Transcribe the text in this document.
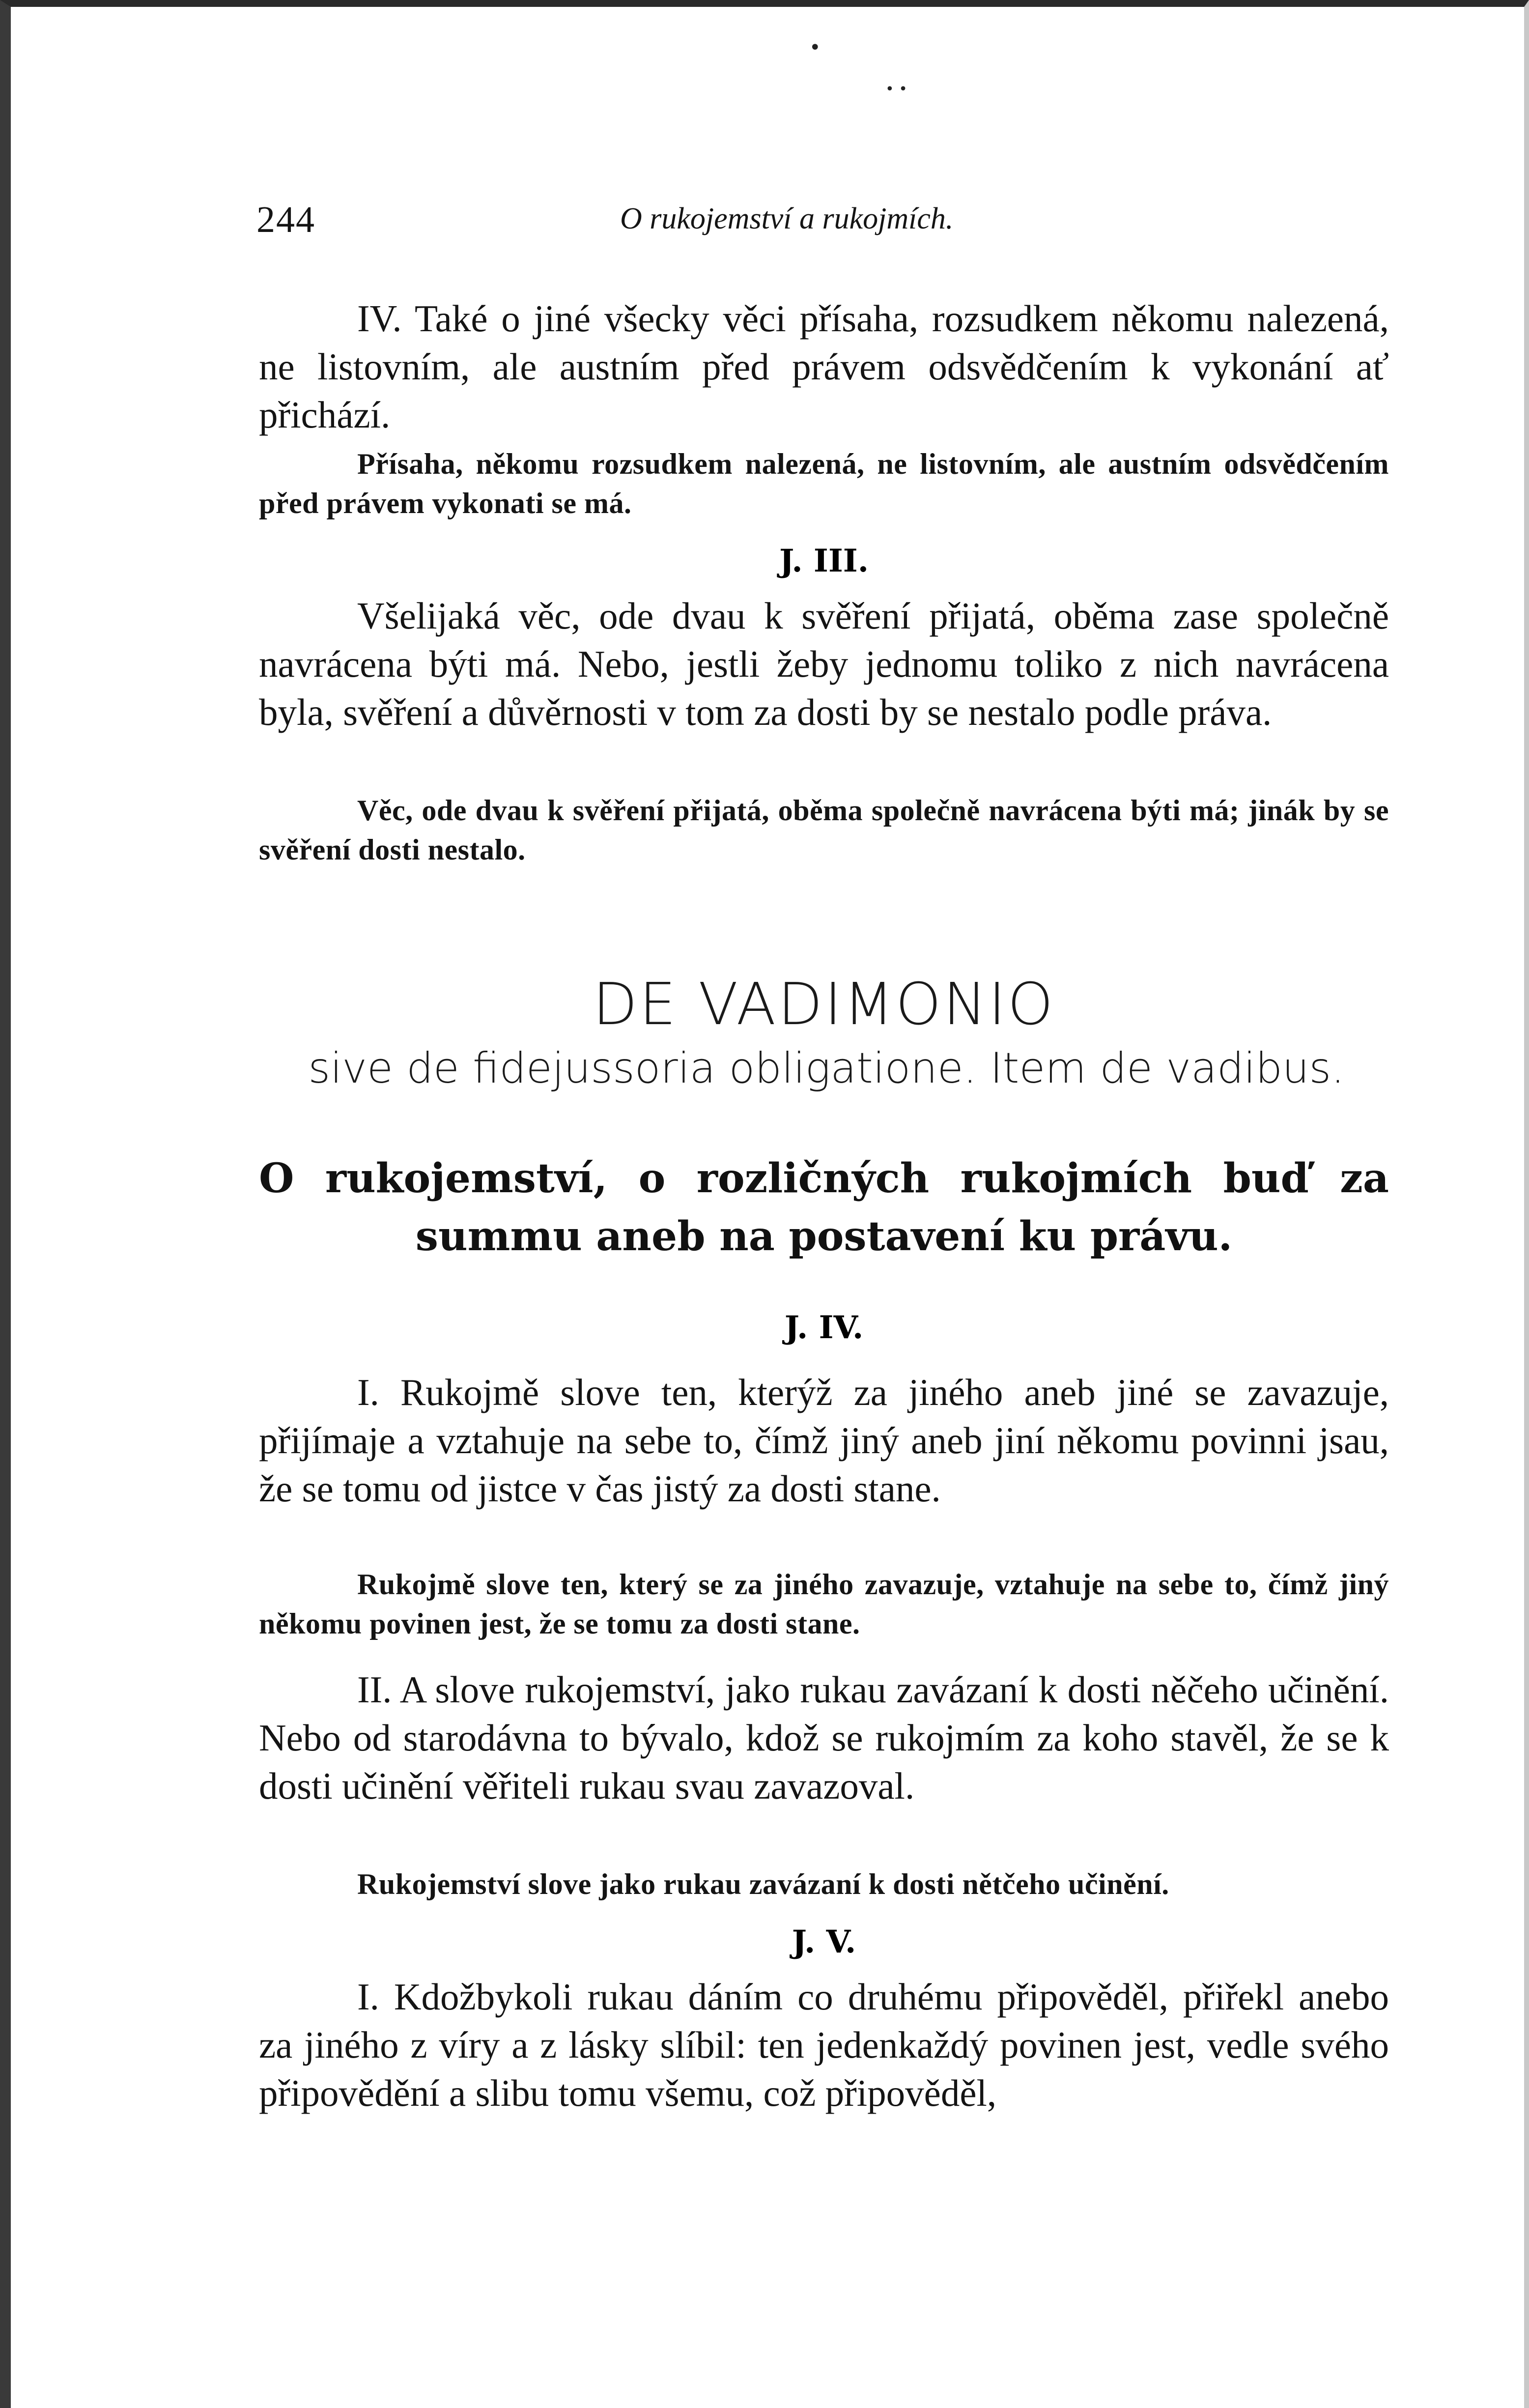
•
• •
244	O rukojemství a rukojmích.

IV. Také o jiné všecky věci přísaha, rozsudkem někomu nalezená, ne listovním, ale austním před právem odsvědčením k vykonání ať přichází.

Přísaha, někomu rozsudkem nalezená, ne listovním, ale austním odsvědčením před právem vykonati se má.

J. III.

Všelijaká věc, ode dvau k svěření přijatá, oběma zase společně navrácena býti má. Nebo, jestli žeby jednomu toliko z nich navrácena byla, svěření a důvěrnosti v tom za dosti by se nestalo podle práva.

Věc, ode dvau k svěření přijatá, oběma společně navrácena býti má; jinák by se svěření dosti nestalo.

DE VADIMONIO

sive de fidejussoria obligatione. Item de vadibus.

O rukojemství, o rozličných rukojmích buď za summu aneb na postavení ku právu.

J. IV.

I. Rukojmě slove ten, kterýž za jiného aneb jiné se zavazuje, přijímaje a vztahuje na sebe to, čímž jiný aneb jiní někomu povinni jsau, že se tomu od jistce v čas jistý za dosti stane.

Rukojmě slove ten, který se za jiného zavazuje, vztahuje na sebe to, čímž jiný někomu povinen jest, že se tomu za dosti stane.

II. A slove rukojemství, jako rukau zavázaní k dosti něčeho učinění. Nebo od starodávna to bývalo, kdož se rukojmím za koho stavěl, že se k dosti učinění věřiteli rukau svau zavazoval.

Rukojemství slove jako rukau zavázaní k dosti nětčeho učinění.

J. V.

I. Kdožbykoli rukau dáním co druhému připověděl, přiřekl anebo za jiného z víry a z lásky slíbil: ten jedenkaždý povinen jest, vedle svého připovědění a slibu tomu všemu, což připověděl,
